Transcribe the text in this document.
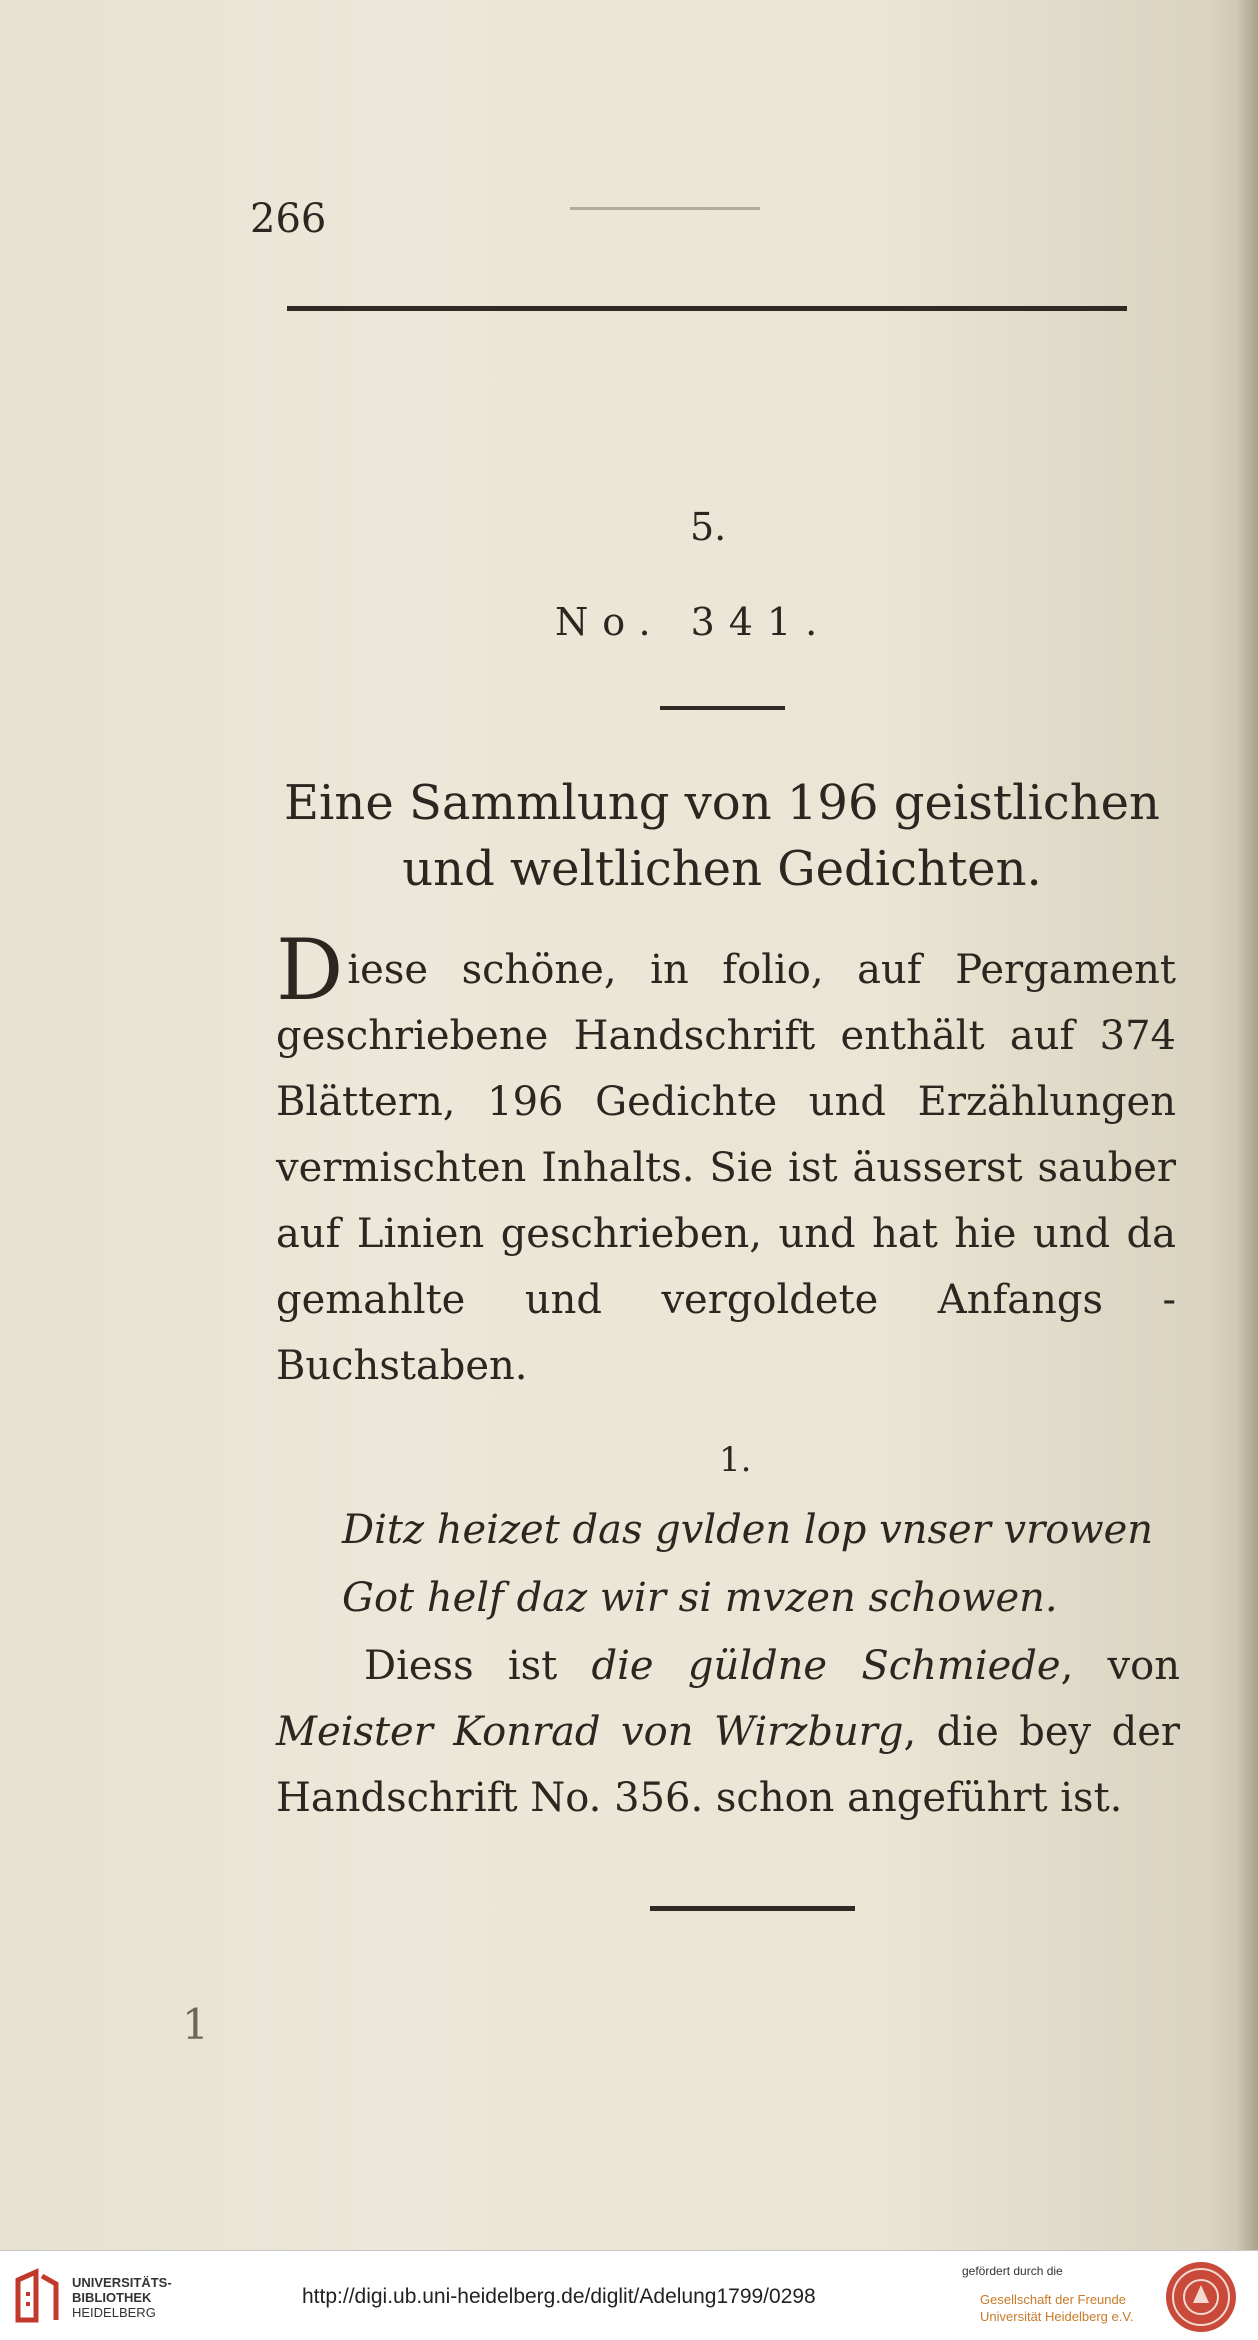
266
5.
No. 341.
Eine Sammlung von 196 geistlichen
und weltlichen Gedichten.

Diese schöne, in folio, auf Pergament geschriebene Handschrift enthält auf 374 Blättern, 196 Gedichte und Erzählungen vermischten Inhalts. Sie ist äusserst sauber auf Linien geschrieben, und hat hie und da gemahlte und vergoldete Anfangs - Buchstaben.

1.

Ditz heizet das gvlden lop vnser vrowen

Got helf daz wir si mvzen schowen.

Diess ist die güldne Schmiede, von Meister Konrad von Wirzburg, die bey der Handschrift No. 356. schon angeführt ist.

1
UNIVERSITÄTS-
BIBLIOTHEK
HEIDELBERG
http://digi.ub.uni-heidelberg.de/diglit/Adelung1799/0298
gefördert durch die
Gesellschaft der Freunde
Universität Heidelberg e.V.
